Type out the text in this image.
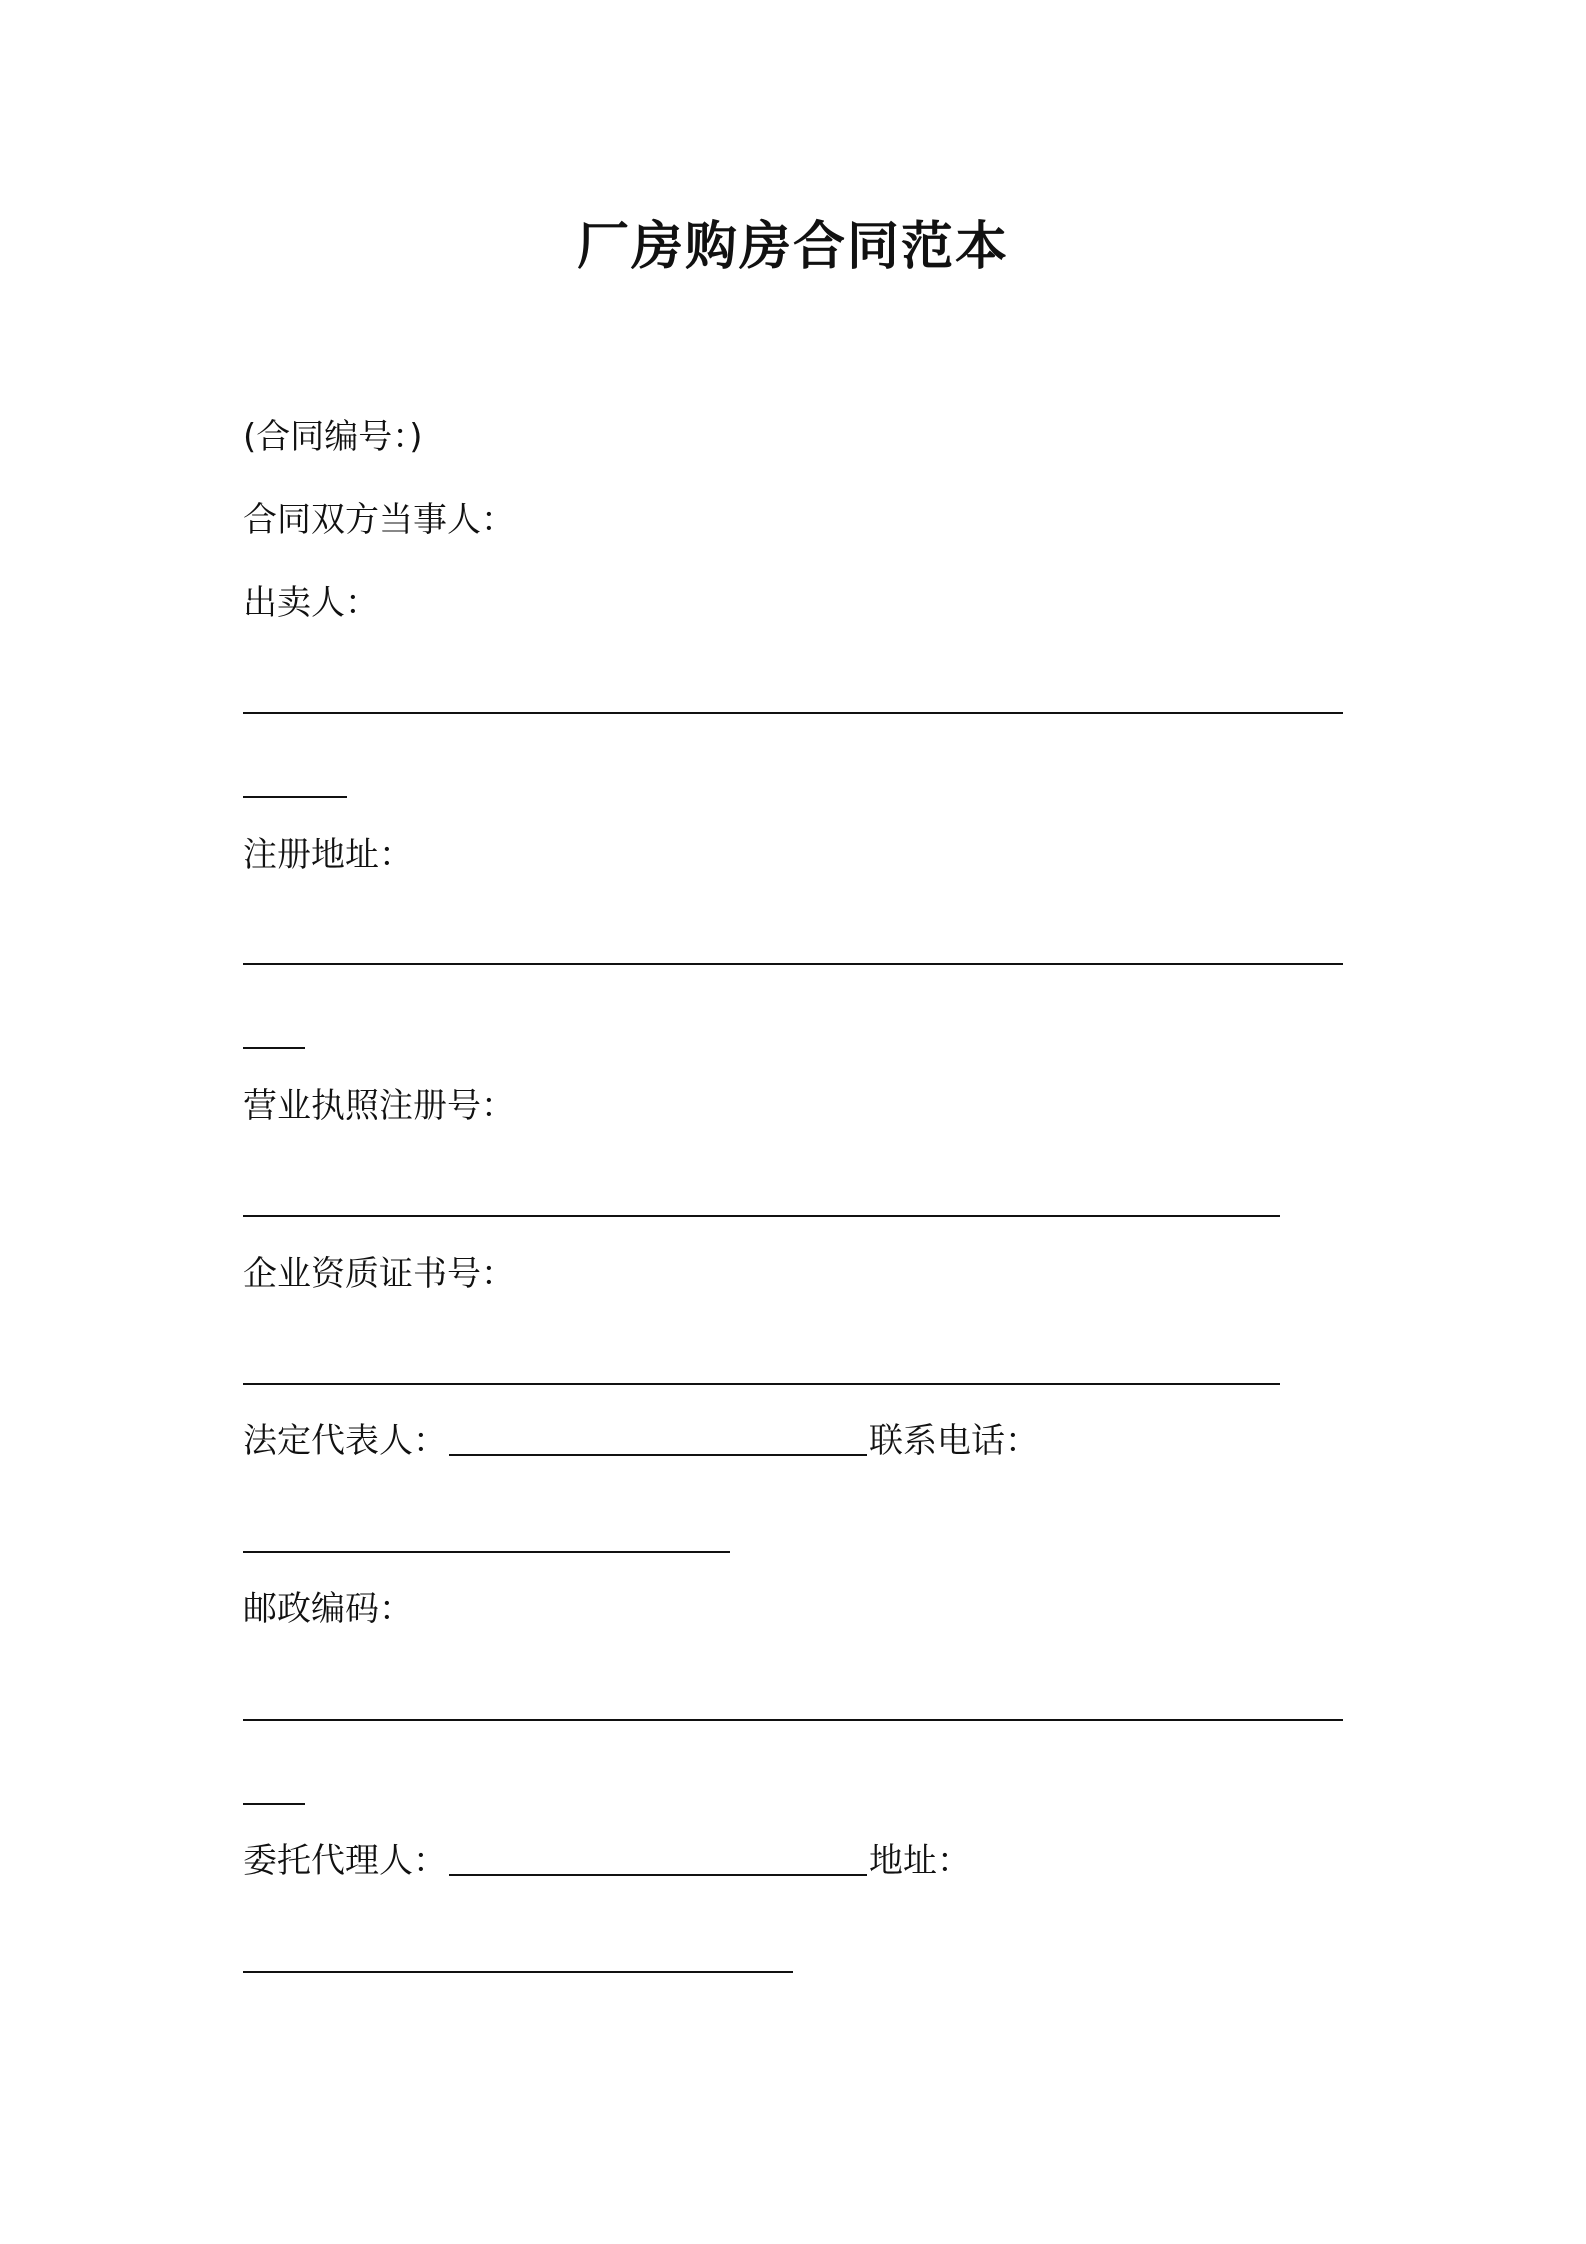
厂房购房合同范本
(合同编号：)
合同双方当事人：
出卖人：
注册地址：
营业执照注册号：
企业资质证书号：
法定代表人：	联系电话：
邮政编码：
委托代理人：	地址：
